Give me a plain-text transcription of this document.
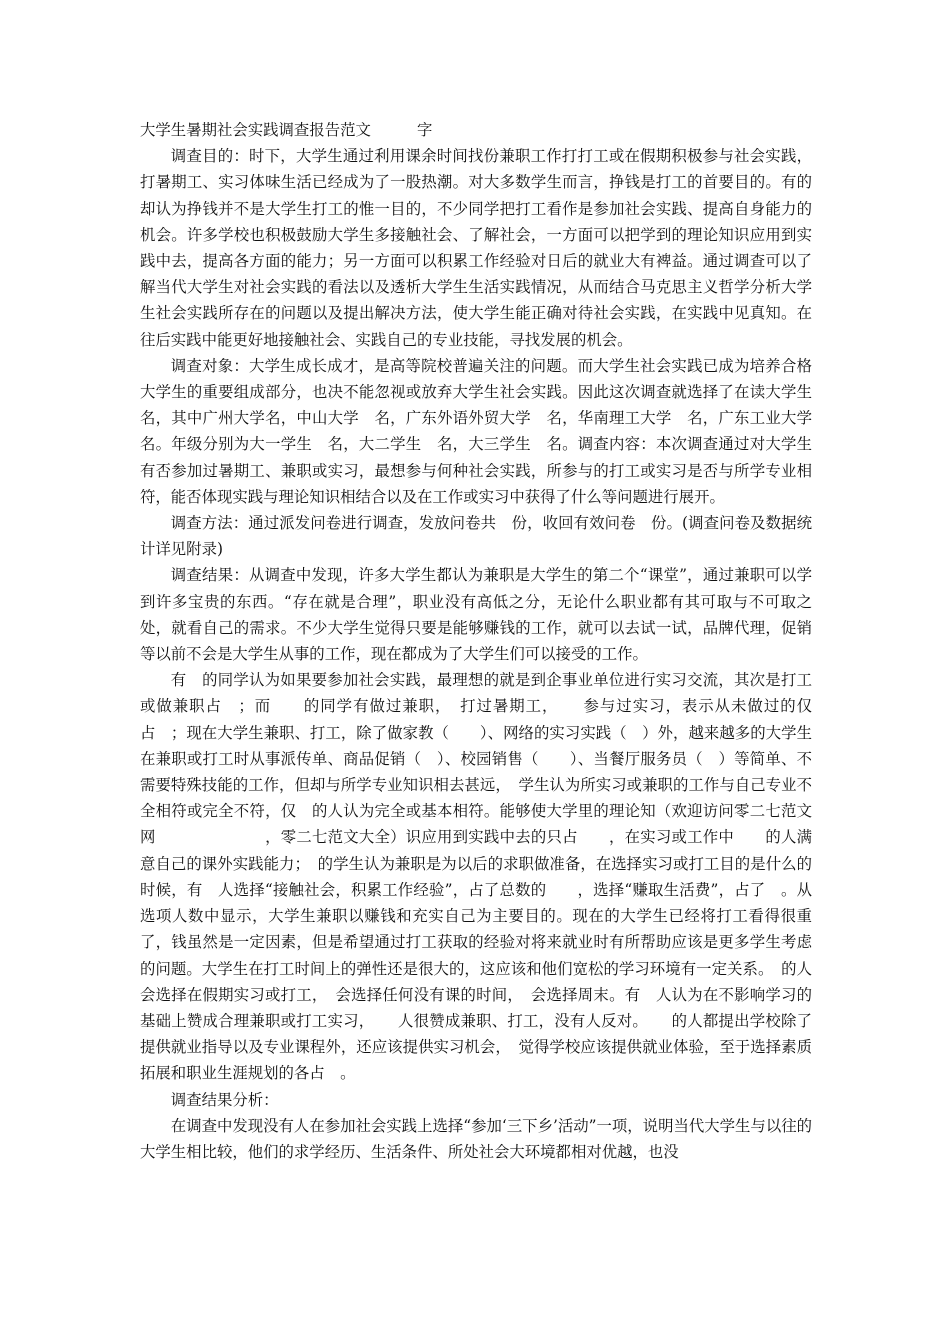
大学生暑期社会实践调查报告范文　　　字

调查目的：时下，大学生通过利用课余时间找份兼职工作打打工或在假期积极参与社会实践，打暑期工、实习体味生活已经成为了一股热潮。对大多数学生而言，挣钱是打工的首要目的。有的却认为挣钱并不是大学生打工的惟一目的，不少同学把打工看作是参加社会实践、提高自身能力的机会。许多学校也积极鼓励大学生多接触社会、了解社会，一方面可以把学到的理论知识应用到实践中去，提高各方面的能力；另一方面可以积累工作经验对日后的就业大有裨益。通过调查可以了解当代大学生对社会实践的看法以及透析大学生生活实践情况，从而结合马克思主义哲学分析大学生社会实践所存在的问题以及提出解决方法，使大学生能正确对待社会实践，在实践中见真知。在往后实践中能更好地接触社会、实践自己的专业技能，寻找发展的机会。

调查对象：大学生成长成才，是高等院校普遍关注的问题。而大学生社会实践已成为培养合格大学生的重要组成部分，也决不能忽视或放弃大学生社会实践。因此这次调查就选择了在读大学生　名，其中广州大学名，中山大学　名，广东外语外贸大学　名，华南理工大学　名，广东工业大学　名。年级分别为大一学生　名，大二学生　名，大三学生　名。调查内容：本次调查通过对大学生有否参加过暑期工、兼职或实习，最想参与何种社会实践，所参与的打工或实习是否与所学专业相符，能否体现实践与理论知识相结合以及在工作或实习中获得了什么等问题进行展开。

调查方法：通过派发问卷进行调查，发放问卷共　份，收回有效问卷　份。(调查问卷及数据统计详见附录)

调查结果：从调查中发现，许多大学生都认为兼职是大学生的第二个“课堂”，通过兼职可以学到许多宝贵的东西。“存在就是合理”，职业没有高低之分，无论什么职业都有其可取与不可取之处，就看自己的需求。不少大学生觉得只要是能够赚钱的工作，就可以去试一试，品牌代理，促销等以前不会是大学生从事的工作，现在都成为了大学生们可以接受的工作。

有　的同学认为如果要参加社会实践，最理想的就是到企事业单位进行实习交流，其次是打工或做兼职占　；而　　的同学有做过兼职，　打过暑期工，　　参与过实习，表示从未做过的仅占　；现在大学生兼职、打工，除了做家教（　　）、网络的实习实践（　）外，越来越多的大学生在兼职或打工时从事派传单、商品促销（　）、校园销售（　　）、当餐厅服务员（　）等简单、不需要特殊技能的工作，但却与所学专业知识相去甚远，　学生认为所实习或兼职的工作与自己专业不全相符或完全不符，仅　的人认为完全或基本相符。能够使大学里的理论知（欢迎访问零二七范文网　　　　　　　，零二七范文大全）识应用到实践中去的只占　　，在实习或工作中　　的人满意自己的课外实践能力；　的学生认为兼职是为以后的求职做准备，在选择实习或打工目的是什么的时候，有　人选择“接触社会，积累工作经验”，占了总数的　　，选择“赚取生活费”，占了　。从选项人数中显示，大学生兼职以赚钱和充实自己为主要目的。现在的大学生已经将打工看得很重了，钱虽然是一定因素，但是希望通过打工获取的经验对将来就业时有所帮助应该是更多学生考虑的问题。大学生在打工时间上的弹性还是很大的，这应该和他们宽松的学习环境有一定关系。　的人会选择在假期实习或打工，　会选择任何没有课的时间，　会选择周末。有　人认为在不影响学习的基础上赞成合理兼职或打工实习，　　人很赞成兼职、打工，没有人反对。　　的人都提出学校除了提供就业指导以及专业课程外，还应该提供实习机会，　觉得学校应该提供就业体验，至于选择素质拓展和职业生涯规划的各占　。

调查结果分析：

在调查中发现没有人在参加社会实践上选择“参加‘三下乡’活动”一项，说明当代大学生与以往的大学生相比较，他们的求学经历、生活条件、所处社会大环境都相对优越，也没
